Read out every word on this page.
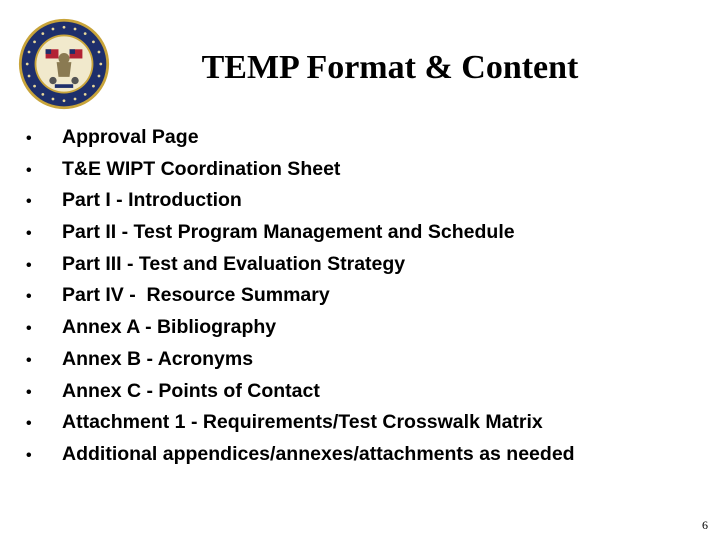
TEMP Format & Content
•	Approval Page
•	T&E WIPT Coordination Sheet
•	Part I - Introduction
•	Part II - Test Program Management and Schedule
•	Part III - Test and Evaluation Strategy
•	Part IV -  Resource Summary
•	Annex A - Bibliography
•	Annex B - Acronyms
•	Annex C - Points of Contact
•	Attachment 1 - Requirements/Test Crosswalk Matrix
•	Additional appendices/annexes/attachments as needed
6
